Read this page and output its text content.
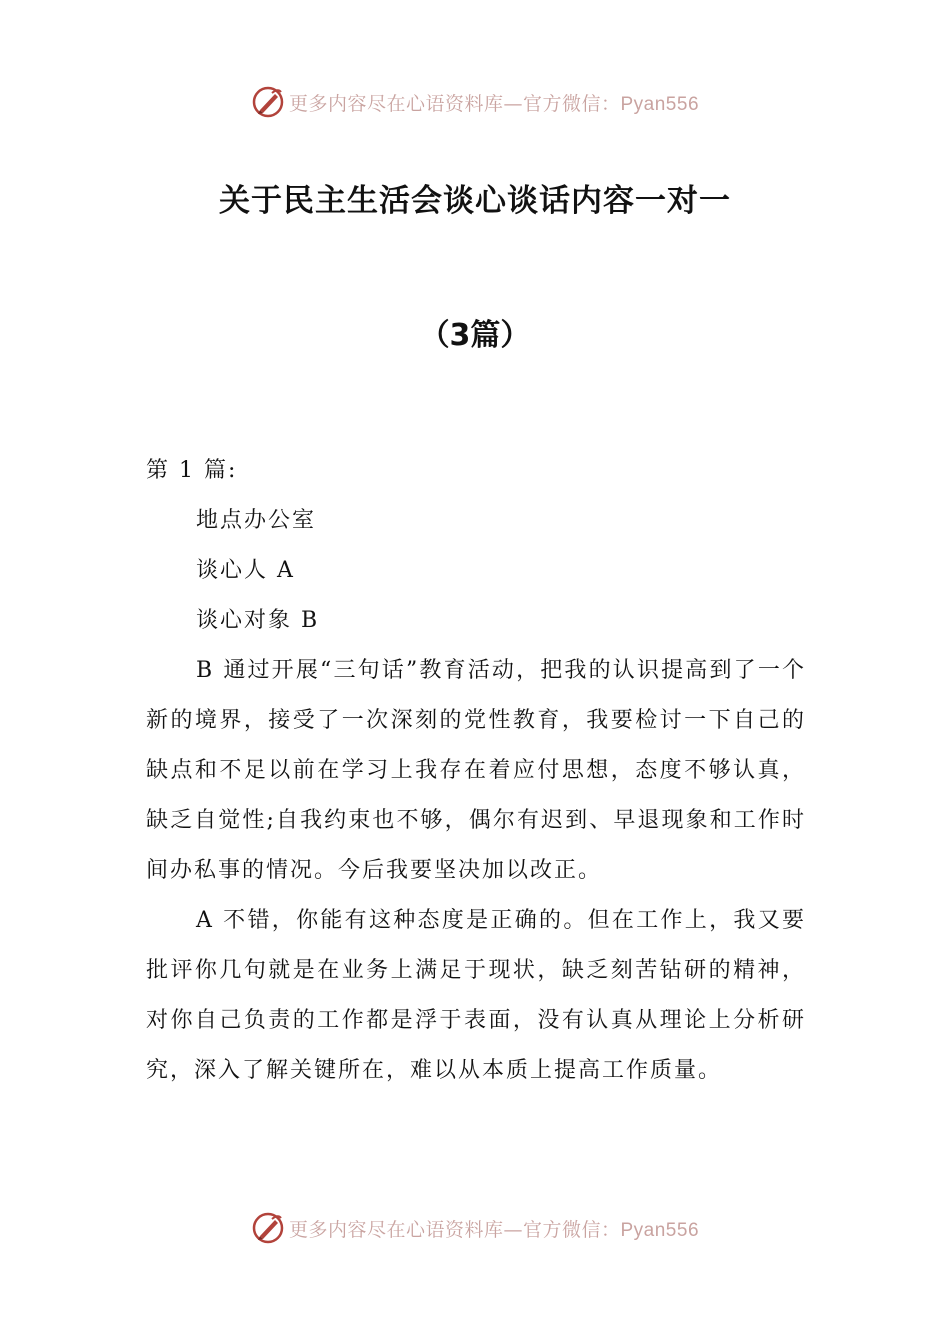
更多内容尽在心语资料库—官方微信：Pyan556
关于民主生活会谈心谈话内容一对一
（3篇）

第 1 篇:

地点办公室

谈心人 A

谈心对象 B

B 通过开展“三句话”教育活动，把我的认识提高到了一个新的境界，接受了一次深刻的党性教育，我要检讨一下自己的缺点和不足以前在学习上我存在着应付思想，态度不够认真，缺乏自觉性;自我约束也不够，偶尔有迟到、早退现象和工作时间办私事的情况。今后我要坚决加以改正。

A 不错，你能有这种态度是正确的。但在工作上，我又要批评你几句就是在业务上满足于现状，缺乏刻苦钻研的精神，对你自己负责的工作都是浮于表面，没有认真从理论上分析研究，深入了解关键所在，难以从本质上提高工作质量。

更多内容尽在心语资料库—官方微信：Pyan556
